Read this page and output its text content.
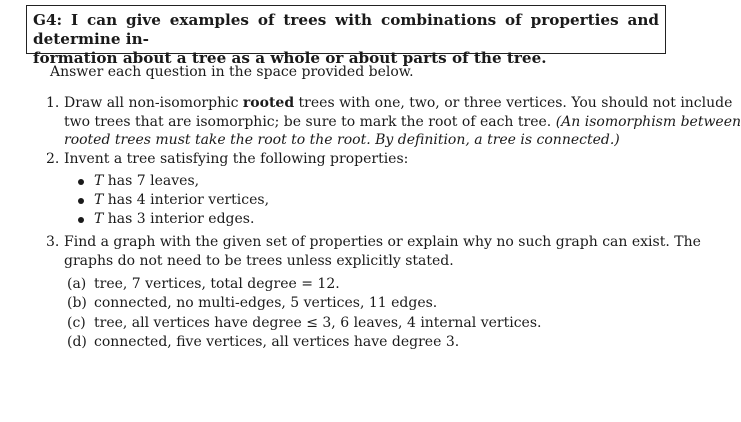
G4: I can give examples of trees with combinations of properties and determine in-
formation about a tree as a whole or about parts of the tree.
Answer each question in the space provided below.
1. Draw all non-isomorphic rooted trees with one, two, or three vertices. You should not include
two trees that are isomorphic; be sure to mark the root of each tree. (An isomorphism between
rooted trees must take the root to the root. By definition, a tree is connected.)
2. Invent a tree satisfying the following properties:
T has 7 leaves,
T has 4 interior vertices,
T has 3 interior edges.
3. Find a graph with the given set of properties or explain why no such graph can exist. The
graphs do not need to be trees unless explicitly stated.
(a) tree, 7 vertices, total degree = 12.
(b) connected, no multi-edges, 5 vertices, 11 edges.
(c) tree, all vertices have degree ≤ 3, 6 leaves, 4 internal vertices.
(d) connected, five vertices, all vertices have degree 3.
